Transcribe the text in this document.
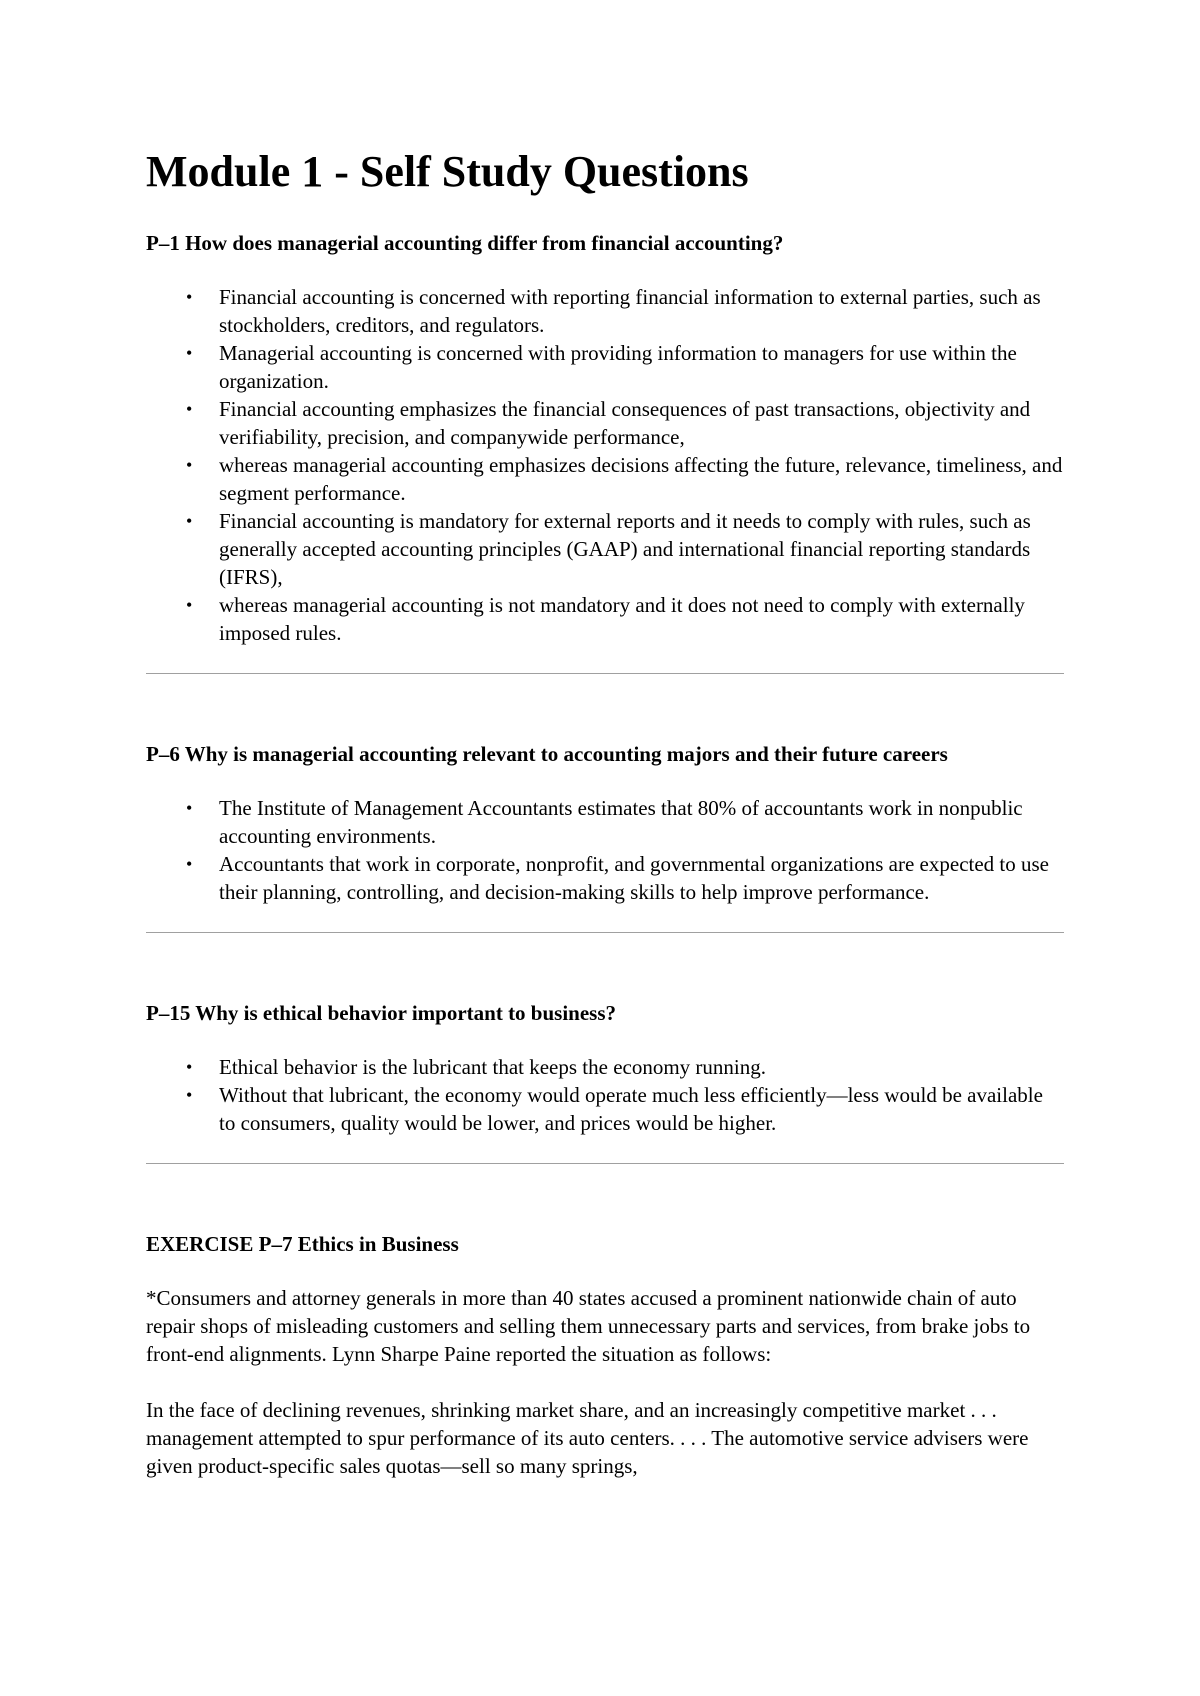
Module 1 - Self Study Questions
P–1 How does managerial accounting differ from financial accounting?
• Financial accounting is concerned with reporting financial information to external parties, such as stockholders, creditors, and regulators.
• Managerial accounting is concerned with providing information to managers for use within the organization.
• Financial accounting emphasizes the financial consequences of past transactions, objectivity and verifiability, precision, and companywide performance,
• whereas managerial accounting emphasizes decisions affecting the future, relevance, timeliness, and segment performance.
• Financial accounting is mandatory for external reports and it needs to comply with rules, such as generally accepted accounting principles (GAAP) and international financial reporting standards (IFRS),
• whereas managerial accounting is not mandatory and it does not need to comply with externally imposed rules.
P–6 Why is managerial accounting relevant to accounting majors and their future careers
• The Institute of Management Accountants estimates that 80% of accountants work in nonpublic accounting environments.
• Accountants that work in corporate, nonprofit, and governmental organizations are expected to use their planning, controlling, and decision-making skills to help improve performance.
P–15 Why is ethical behavior important to business?
• Ethical behavior is the lubricant that keeps the economy running.
• Without that lubricant, the economy would operate much less efficiently—less would be available to consumers, quality would be lower, and prices would be higher.
EXERCISE P–7 Ethics in Business

*Consumers and attorney generals in more than 40 states accused a prominent nationwide chain of auto repair shops of misleading customers and selling them unnecessary parts and services, from brake jobs to front-end alignments. Lynn Sharpe Paine reported the situation as follows:

In the face of declining revenues, shrinking market share, and an increasingly competitive market . . . management attempted to spur performance of its auto centers. . . . The automotive service advisers were given product-specific sales quotas—sell so many springs,
